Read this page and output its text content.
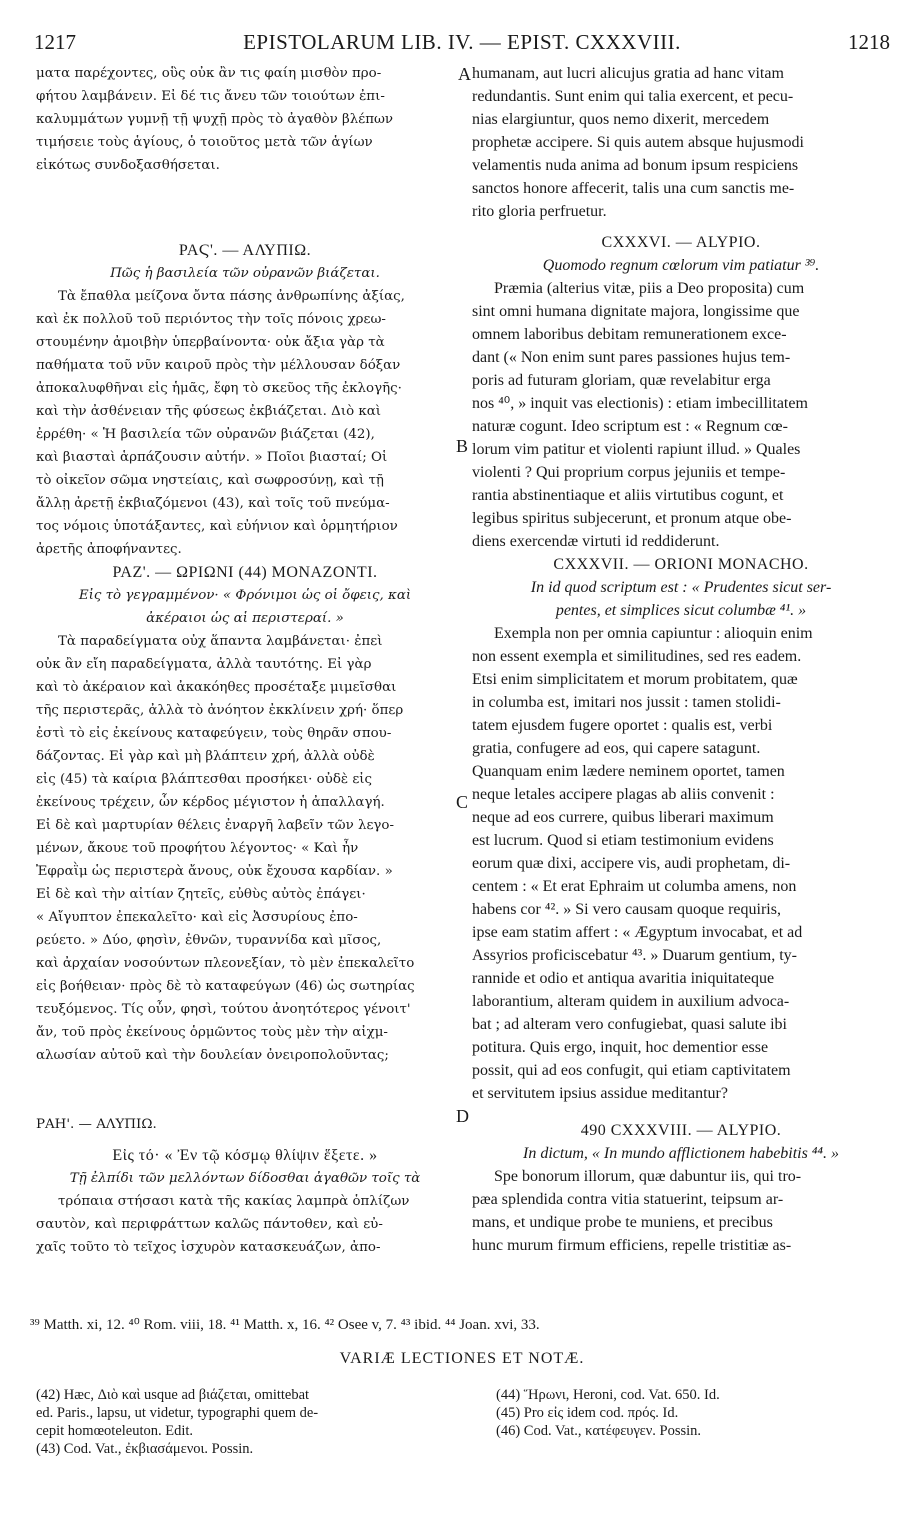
1217	EPISTOLARUM LIB. IV. — EPIST. CXXXVIII.	1218
ματα παρέχοντες, οὓς οὐκ ἂν τις φαίη μισθὸν προ-
φήτου λαμβάνειν. Εἰ δέ τις ἄνευ τῶν τοιούτων ἐπι-
καλυμμάτων γυμνῇ τῇ ψυχῇ πρὸς τὸ ἀγαθὸν βλέπων
τιμήσειε τοὺς ἁγίους, ὁ τοιοῦτος μετὰ τῶν ἁγίων
εἰκότως συνδοξασθήσεται.
ΡΑϚ'. — ΑΛΥΠΙΩ.
Πῶς ἡ βασιλεία τῶν οὐρανῶν βιάζεται.
Τὰ ἔπαθλα μείζονα ὄντα πάσης ἀνθρωπίνης ἀξίας,
καὶ ἐκ πολλοῦ τοῦ περιόντος τὴν τοῖς πόνοις χρεω-
στουμένην ἀμοιβὴν ὑπερβαίνοντα· οὐκ ἄξια γὰρ τὰ
παθήματα τοῦ νῦν καιροῦ πρὸς τὴν μέλλουσαν δόξαν
ἀποκαλυφθῆναι εἰς ἡμᾶς, ἔφη τὸ σκεῦος τῆς ἐκλογῆς·
καὶ τὴν ἀσθένειαν τῆς φύσεως ἐκβιάζεται. Διὸ καὶ
ἐρρέθη· « Ἡ βασιλεία τῶν οὐρανῶν βιάζεται (42),
καὶ βιασταὶ ἁρπάζουσιν αὐτήν. » Ποῖοι βιασταί; Οἱ
τὸ οἰκεῖον σῶμα νηστείαις, καὶ σωφροσύνῃ, καὶ τῇ
ἄλλῃ ἀρετῇ ἐκβιαζόμενοι (43), καὶ τοῖς τοῦ πνεύμα-
τος νόμοις ὑποτάξαντες, καὶ εὐήνιον καὶ ὁρμητήριον
ἀρετῆς ἀποφήναντες.
ΡΑΖ'. — ΩΡΙΩΝΙ (44) ΜΟΝΑΖΟΝΤΙ.
Εἰς τὸ γεγραμμένον· « Φρόνιμοι ὡς οἱ ὄφεις, καὶ
ἀκέραιοι ὡς αἱ περιστεραί. »
Τὰ παραδείγματα οὐχ ἅπαντα λαμβάνεται· ἐπεὶ
οὐκ ἂν εἴη παραδείγματα, ἀλλὰ ταυτότης. Εἰ γὰρ
καὶ τὸ ἀκέραιον καὶ ἀκακόηθες προσέταξε μιμεῖσθαι
τῆς περιστερᾶς, ἀλλὰ τὸ ἀνόητον ἐκκλίνειν χρή· ὅπερ
ἐστὶ τὸ εἰς ἐκείνους καταφεύγειν, τοὺς θηρᾶν σπου-
δάζοντας. Εἰ γὰρ καὶ μὴ βλάπτειν χρή, ἀλλὰ οὐδὲ
εἰς (45) τὰ καίρια βλάπτεσθαι προσήκει· οὐδὲ εἰς
ἐκείνους τρέχειν, ὧν κέρδος μέγιστον ἡ ἀπαλλαγή.
Εἰ δὲ καὶ μαρτυρίαν θέλεις ἐναργῆ λαβεῖν τῶν λεγο-
μένων, ἄκουε τοῦ προφήτου λέγοντος· « Καὶ ἦν
Ἐφραῒμ ὡς περιστερὰ ἄνους, οὐκ ἔχουσα καρδίαν. »
Εἰ δὲ καὶ τὴν αἰτίαν ζητεῖς, εὐθὺς αὐτὸς ἐπάγει·
« Αἴγυπτον ἐπεκαλεῖτο· καὶ εἰς Ἀσσυρίους ἐπο-
ρεύετο. » Δύο, φησὶν, ἐθνῶν, τυραννίδα καὶ μῖσος,
καὶ ἀρχαίαν νοσούντων πλεονεξίαν, τὸ μὲν ἐπεκαλεῖτο
εἰς βοήθειαν· πρὸς δὲ τὸ καταφεύγων (46) ὡς σωτηρίας
τευξόμενος. Τίς οὖν, φησὶ, τούτου ἀνοητότερος γένοιτ'
ἄν, τοῦ πρὸς ἐκείνους ὁρμῶντος τοὺς μὲν τὴν αἰχμ-
αλωσίαν αὐτοῦ καὶ τὴν δουλείαν ὀνειροπολοῦντας;
ΡΑΗ'. — ΑΛΥΠΙΩ.
Εἰς τό· « Ἐν τῷ κόσμῳ θλίψιν ἕξετε. »
Τῇ ἐλπίδι τῶν μελλόντων δίδοσθαι ἀγαθῶν τοῖς τὰ
τρόπαια στήσασι κατὰ τῆς κακίας λαμπρὰ ὁπλίζων
σαυτὸν, καὶ περιφράττων καλῶς πάντοθεν, καὶ εὐ-
χαῖς τοῦτο τὸ τεῖχος ἰσχυρὸν κατασκευάζων, ἀπο-
humanam, aut lucri alicujus gratia ad hanc vitam
redundantis. Sunt enim qui talia exercent, et pecu-
nias elargiuntur, quos nemo dixerit, mercedem
prophetæ accipere. Si quis autem absque hujusmodi
velamentis nuda anima ad bonum ipsum respiciens
sanctos honore affecerit, talis una cum sanctis me-
rito gloria perfruetur.
CXXXVI. — ALYPIO.
Quomodo regnum cœlorum vim patiatur ³⁹.
Præmia (alterius vitæ, piis a Deo proposita) cum
sint omni humana dignitate majora, longissime que
omnem laboribus debitam remunerationem exce-
dant (« Non enim sunt pares passiones hujus tem-
poris ad futuram gloriam, quæ revelabitur erga
nos ⁴⁰, » inquit vas electionis) : etiam imbecillitatem
naturæ cogunt. Ideo scriptum est : « Regnum cœ-
lorum vim patitur et violenti rapiunt illud. » Quales
violenti ? Qui proprium corpus jejuniis et tempe-
rantia abstinentiaque et aliis virtutibus cogunt, et
legibus spiritus subjecerunt, et pronum atque obe-
diens exercendæ virtuti id reddiderunt.
CXXXVII. — ORIONI MONACHO.
In id quod scriptum est : « Prudentes sicut ser-
pentes, et simplices sicut columbæ ⁴¹. »
Exempla non per omnia capiuntur : alioquin enim
non essent exempla et similitudines, sed res eadem.
Etsi enim simplicitatem et morum probitatem, quæ
in columba est, imitari nos jussit : tamen stolidi-
tatem ejusdem fugere oportet : qualis est, verbi
gratia, confugere ad eos, qui capere satagunt.
Quanquam enim lædere neminem oportet, tamen
neque letales accipere plagas ab aliis convenit :
neque ad eos currere, quibus liberari maximum
est lucrum. Quod si etiam testimonium evidens
eorum quæ dixi, accipere vis, audi prophetam, di-
centem : « Et erat Ephraim ut columba amens, non
habens cor ⁴². » Si vero causam quoque requiris,
ipse eam statim affert : « Ægyptum invocabat, et ad
Assyrios proficiscebatur ⁴³. » Duarum gentium, ty-
rannide et odio et antiqua avaritia iniquitateque
laborantium, alteram quidem in auxilium advoca-
bat ; ad alteram vero confugiebat, quasi salute ibi
potitura. Quis ergo, inquit, hoc dementior esse
possit, qui ad eos confugit, qui etiam captivitatem
et servitutem ipsius assidue meditantur?
490 CXXXVIII. — ALYPIO.
In dictum, « In mundo afflictionem habebitis ⁴⁴. »
Spe bonorum illorum, quæ dabuntur iis, qui tro-
pæa splendida contra vitia statuerint, teipsum ar-
mans, et undique probe te muniens, et precibus
hunc murum firmum efficiens, repelle tristitiæ as-
A
B
C
D
³⁹ Matth. xi, 12. ⁴⁰ Rom. viii, 18. ⁴¹ Matth. x, 16. ⁴² Osee v, 7. ⁴³ ibid. ⁴⁴ Joan. xvi, 33.
VARIÆ LECTIONES ET NOTÆ.
(42) Hæc, Διὸ καὶ usque ad βιάζεται, omittebat
ed. Paris., lapsu, ut videtur, typographi quem de-
cepit homœoteleuton. Edit.
(43) Cod. Vat., ἐκβιασάμενοι. Possin.
(44) Ἥρωνι, Heroni, cod. Vat. 650. Id.
(45) Pro εἰς idem cod. πρός. Id.
(46) Cod. Vat., κατέφευγεν. Possin.
